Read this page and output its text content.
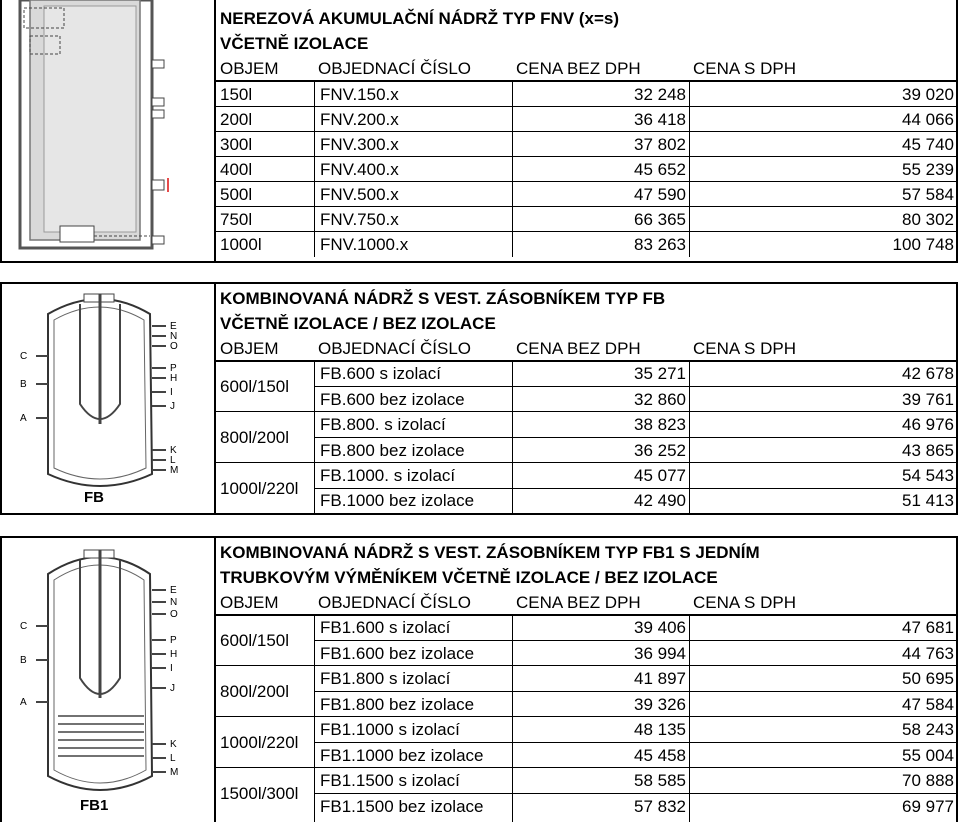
NEREZOVÁ AKUMULAČNÍ NÁDRŽ TYP FNV (x=s)
VČETNĚ IZOLACE
OBJEM OBJEDNACÍ ČÍSLO	CENA BEZ DPH	CENA S DPH
150l	FNV.150.x	32 248	39 020
200l	FNV.200.x	36 418	44 066
300l	FNV.300.x	37 802	45 740
400l	FNV.400.x	45 652	55 239
500l	FNV.500.x	47 590	57 584
750l	FNV.750.x	66 365	80 302
1000l	FNV.1000.x	83 263	100 748
C
B
A
E
N
O
P
H
I
J
K
L
M
FB
KOMBINOVANÁ NÁDRŽ S VEST. ZÁSOBNÍKEM TYP FB
VČETNĚ IZOLACE / BEZ IZOLACE
OBJEM OBJEDNACÍ ČÍSLO	CENA BEZ DPH	CENA S DPH
600l/150l
FB.600 s izolací	35 271	42 678
FB.600 bez izolace	32 860	39 761
800l/200l
FB.800. s izolací	38 823	46 976
FB.800 bez izolace	36 252	43 865
1000l/220l
FB.1000. s izolací	45 077	54 543
FB.1000 bez izolace	42 490	51 413
C
B
A
E
N
O
P
H
I
J
K
L
M
FB1
KOMBINOVANÁ NÁDRŽ S VEST. ZÁSOBNÍKEM TYP FB1 S JEDNÍM
TRUBKOVÝM VÝMĚNÍKEM VČETNĚ IZOLACE / BEZ IZOLACE
OBJEM OBJEDNACÍ ČÍSLO	CENA BEZ DPH	CENA S DPH
600l/150l
FB1.600 s izolací	39 406	47 681
FB1.600 bez izolace	36 994	44 763
800l/200l
FB1.800 s izolací	41 897	50 695
FB1.800 bez izolace	39 326	47 584
1000l/220l
FB1.1000 s izolací	48 135	58 243
FB1.1000 bez izolace	45 458	55 004
1500l/300l
FB1.1500 s izolací	58 585	70 888
FB1.1500 bez izolace	57 832	69 977
